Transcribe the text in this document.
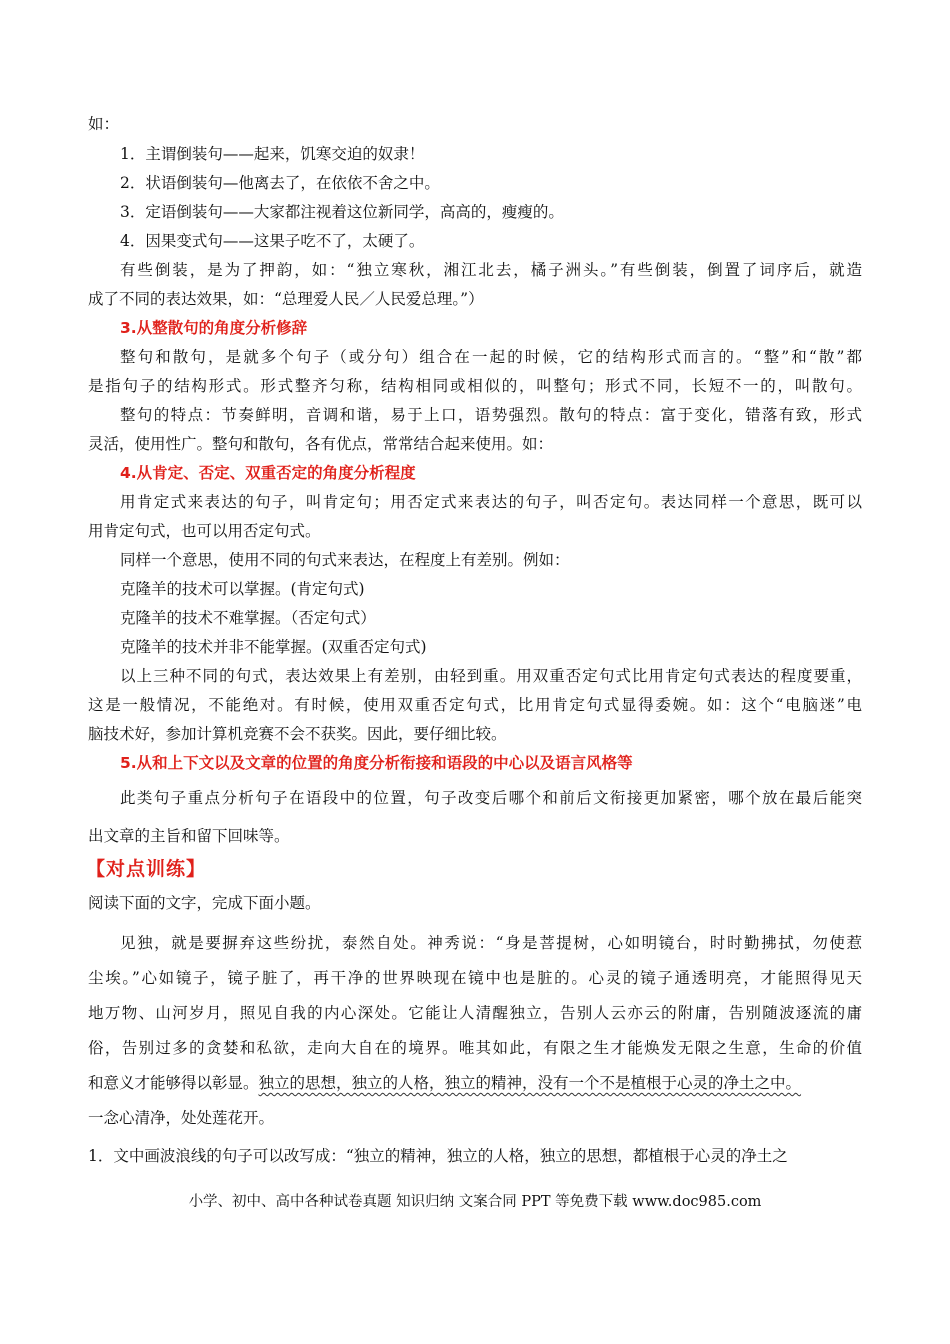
如：
1．主谓倒装句——起来，饥寒交迫的奴隶！
2．状语倒装句—他离去了，在依依不舍之中。
3．定语倒装句——大家都注视着这位新同学，高高的，瘦瘦的。
4．因果变式句——这果子吃不了，太硬了。
有些倒装，是为了押韵，如：“独立寒秋，湘江北去，橘子洲头。”有些倒装，倒置了词序后，就造
成了不同的表达效果，如：“总理爱人民／人民爱总理。”）
3.从整散句的角度分析修辞
整句和散句，是就多个句子（或分句）组合在一起的时候，它的结构形式而言的。“整”和“散”都
是指句子的结构形式。形式整齐匀称，结构相同或相似的，叫整句；形式不同，长短不一的，叫散句。
整句的特点：节奏鲜明，音调和谐，易于上口，语势强烈。散句的特点：富于变化，错落有致，形式
灵活，使用性广。整句和散句，各有优点，常常结合起来使用。如：
4.从肯定、否定、双重否定的角度分析程度
用肯定式来表达的句子，叫肯定句；用否定式来表达的句子，叫否定句。表达同样一个意思，既可以
用肯定句式，也可以用否定句式。
同样一个意思，使用不同的句式来表达，在程度上有差别。例如：
克隆羊的技术可以掌握。(肯定句式)
克隆羊的技术不难掌握。（否定句式）
克隆羊的技术并非不能掌握。(双重否定句式)
以上三种不同的句式，表达效果上有差别，由轻到重。用双重否定句式比用肯定句式表达的程度要重，
这是一般情况，不能绝对。有时候，使用双重否定句式，比用肯定句式显得委婉。如：这个“电脑迷”电
脑技术好，参加计算机竞赛不会不获奖。因此，要仔细比较。
5.从和上下文以及文章的位置的角度分析衔接和语段的中心以及语言风格等
此类句子重点分析句子在语段中的位置，句子改变后哪个和前后文衔接更加紧密，哪个放在最后能突
出文章的主旨和留下回味等。
【对点训练】
阅读下面的文字，完成下面小题。
见独，就是要摒弃这些纷扰，泰然自处。神秀说：“身是菩提树，心如明镜台，时时勤拂拭，勿使惹
尘埃。”心如镜子，镜子脏了，再干净的世界映现在镜中也是脏的。心灵的镜子通透明亮，才能照得见天
地万物、山河岁月，照见自我的内心深处。它能让人清醒独立，告别人云亦云的附庸，告别随波逐流的庸
俗，告别过多的贪婪和私欲，走向大自在的境界。唯其如此，有限之生才能焕发无限之生意，生命的价值
和意义才能够得以彰显。独立的思想，独立的人格，独立的精神，没有一个不是植根于心灵的净土之中。
一念心清净，处处莲花开。
1．文中画波浪线的句子可以改写成：“独立的精神，独立的人格，独立的思想，都植根于心灵的净土之
小学、初中、高中各种试卷真题 知识归纳 文案合同 PPT 等免费下载 www.doc985.com
